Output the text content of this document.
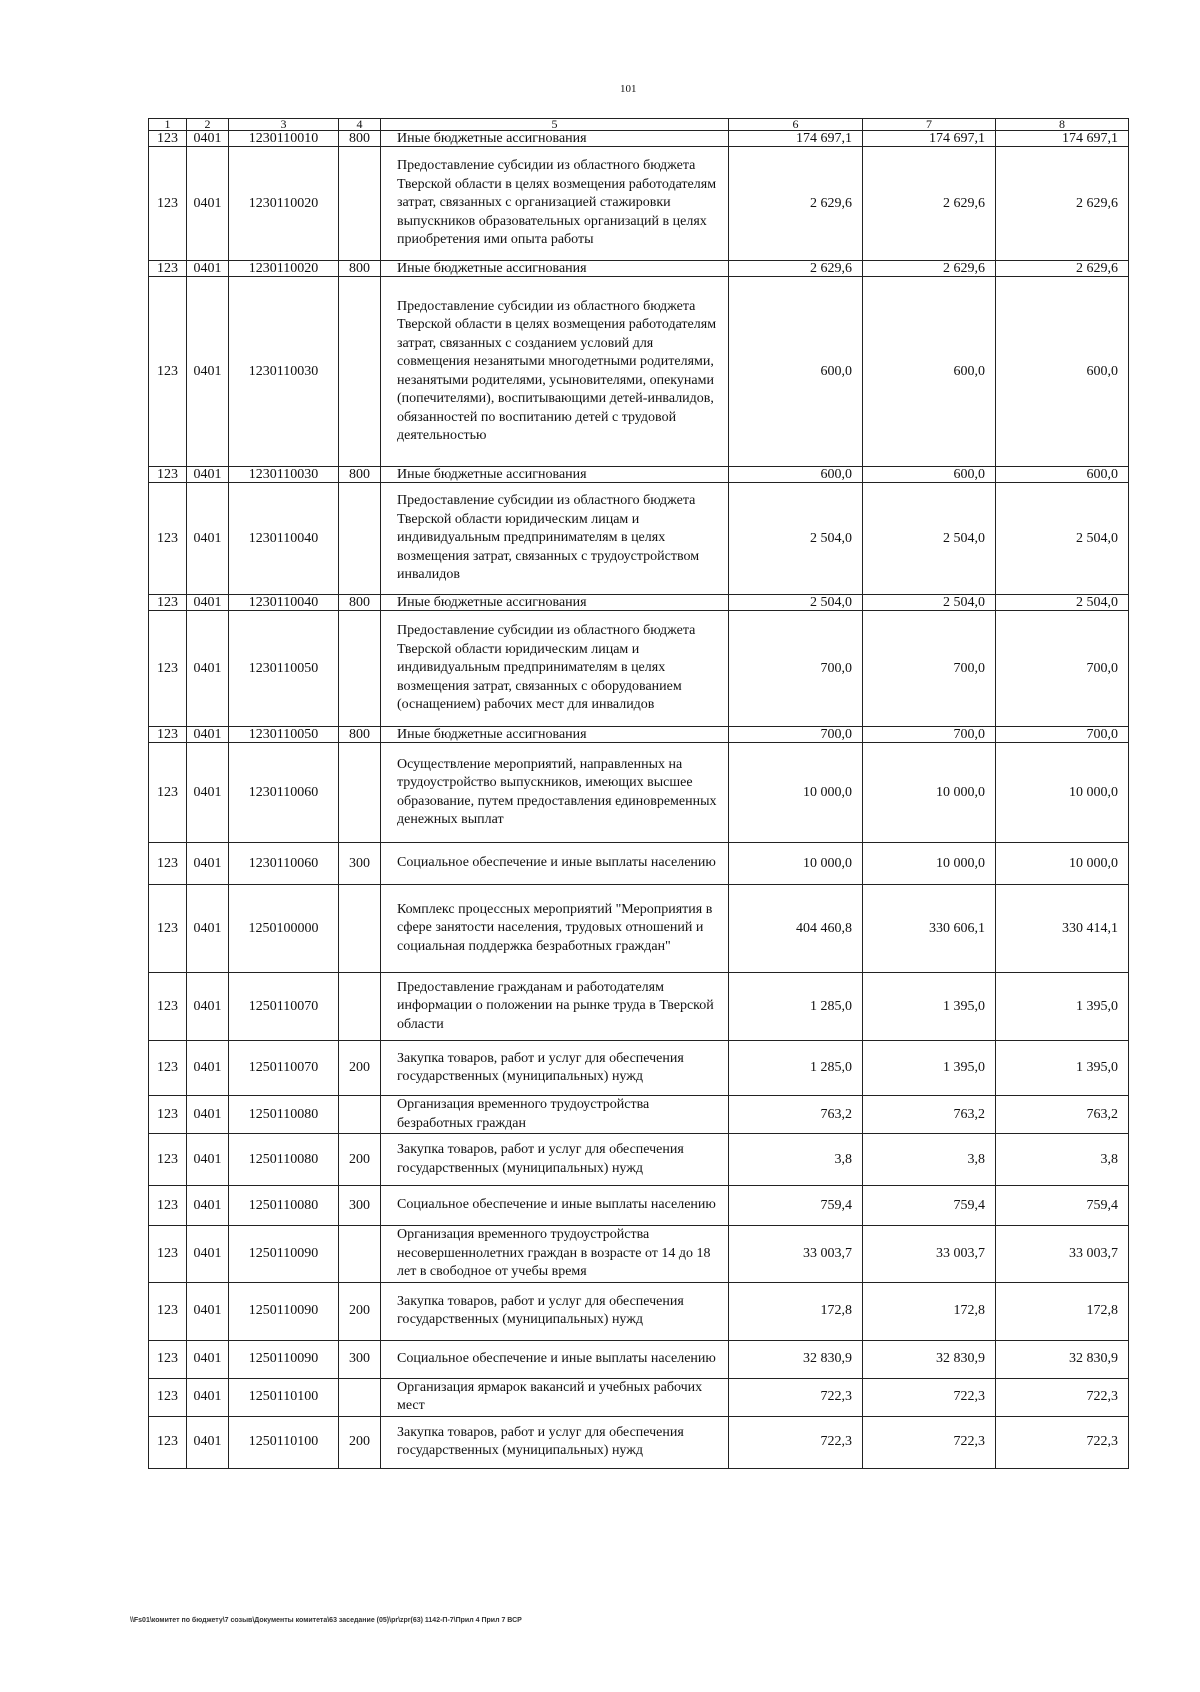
101
1	2	3	4	5	6	7	8
123	0401	1230110010	800	Иные бюджетные ассигнования	174 697,1	174 697,1	174 697,1
123	0401	1230110020		Предоставление субсидии из областного бюджета Тверской области в целях возмещения работодателям затрат, связанных с организацией стажировки выпускников образовательных организаций в целях приобретения ими опыта работы	2 629,6	2 629,6	2 629,6
123	0401	1230110020	800	Иные бюджетные ассигнования	2 629,6	2 629,6	2 629,6
123	0401	1230110030		Предоставление субсидии из областного бюджета Тверской области в целях возмещения работодателям затрат, связанных с созданием условий для совмещения незанятыми многодетными родителями, незанятыми родителями, усыновителями, опекунами (попечителями), воспитывающими детей-инвалидов, обязанностей по воспитанию детей с трудовой деятельностью	600,0	600,0	600,0
123	0401	1230110030	800	Иные бюджетные ассигнования	600,0	600,0	600,0
123	0401	1230110040		Предоставление субсидии из областного бюджета Тверской области юридическим лицам и индивидуальным предпринимателям в целях возмещения затрат, связанных с трудоустройством инвалидов	2 504,0	2 504,0	2 504,0
123	0401	1230110040	800	Иные бюджетные ассигнования	2 504,0	2 504,0	2 504,0
123	0401	1230110050		Предоставление субсидии из областного бюджета Тверской области юридическим лицам и индивидуальным предпринимателям в целях возмещения затрат, связанных с оборудованием (оснащением) рабочих мест для инвалидов	700,0	700,0	700,0
123	0401	1230110050	800	Иные бюджетные ассигнования	700,0	700,0	700,0
123	0401	1230110060		Осуществление мероприятий, направленных на трудоустройство выпускников, имеющих высшее образование, путем предоставления единовременных денежных выплат	10 000,0	10 000,0	10 000,0
123	0401	1230110060	300	Социальное обеспечение и иные выплаты населению	10 000,0	10 000,0	10 000,0
123	0401	1250100000		Комплекс процессных мероприятий "Мероприятия в сфере занятости населения, трудовых отношений и социальная поддержка безработных граждан"	404 460,8	330 606,1	330 414,1
123	0401	1250110070		Предоставление гражданам и работодателям информации о положении на рынке труда в Тверской области	1 285,0	1 395,0	1 395,0
123	0401	1250110070	200	Закупка товаров, работ и услуг для обеспечения государственных (муниципальных) нужд	1 285,0	1 395,0	1 395,0
123	0401	1250110080		Организация временного трудоустройства безработных граждан	763,2	763,2	763,2
123	0401	1250110080	200	Закупка товаров, работ и услуг для обеспечения государственных (муниципальных) нужд	3,8	3,8	3,8
123	0401	1250110080	300	Социальное обеспечение и иные выплаты населению	759,4	759,4	759,4
123	0401	1250110090		Организация временного трудоустройства несовершеннолетних граждан в возрасте от 14 до 18 лет в свободное от учебы время	33 003,7	33 003,7	33 003,7
123	0401	1250110090	200	Закупка товаров, работ и услуг для обеспечения государственных (муниципальных) нужд	172,8	172,8	172,8
123	0401	1250110090	300	Социальное обеспечение и иные выплаты населению	32 830,9	32 830,9	32 830,9
123	0401	1250110100		Организация ярмарок вакансий и учебных рабочих мест	722,3	722,3	722,3
123	0401	1250110100	200	Закупка товаров, работ и услуг для обеспечения государственных (муниципальных) нужд	722,3	722,3	722,3
\\Fs01\комитет по бюджету\7 созыв\Документы комитета\63 заседание (05)\pr\zpr(63) 1142-П-7\Прил 4 Прил 7 ВСР
